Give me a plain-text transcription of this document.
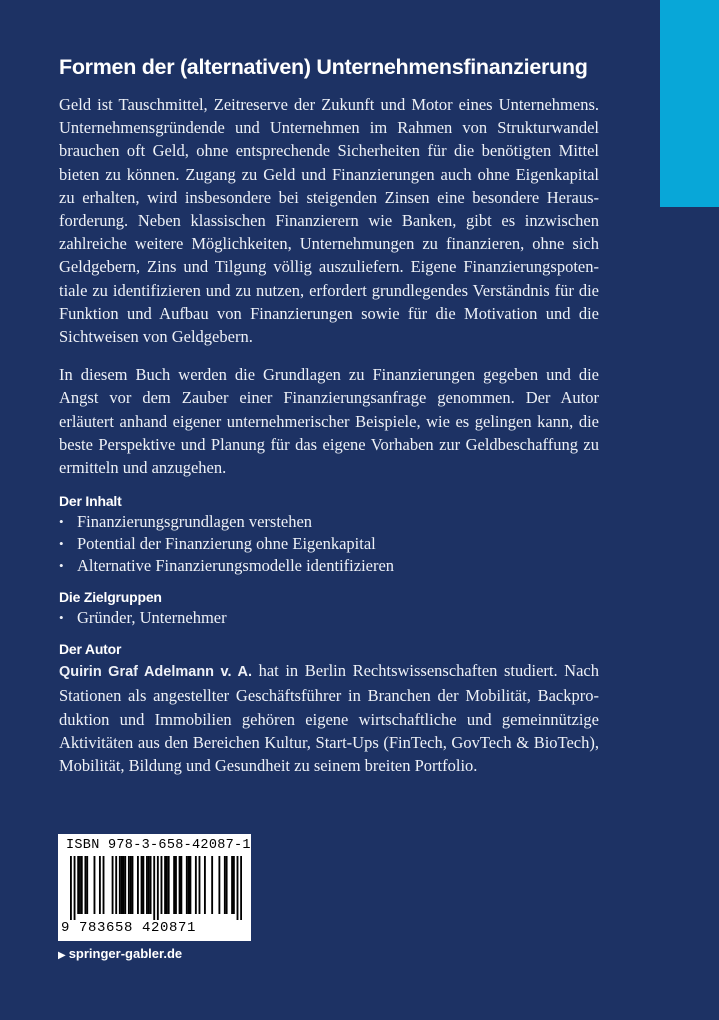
Formen der (alternativen) Unternehmensfinanzierung

Geld ist Tauschmittel, Zeitreserve der Zukunft und Motor eines Unternehmens. Unternehmensgründende und Unternehmen im Rahmen von Strukturwandel brauchen oft Geld, ohne entsprechende Sicherheiten für die benötigten Mittel bieten zu können. Zugang zu Geld und Finanzierungen auch ohne Eigenkapital zu erhalten, wird insbesondere bei steigenden Zinsen eine besondere Herausforderung. Neben klassischen Finanzierern wie Banken, gibt es inzwischen zahlreiche weitere Möglichkeiten, Unternehmungen zu finanzieren, ohne sich Geldgebern, Zins und Tilgung völlig auszuliefern. Eigene Finanzierungspotentiale zu identifizieren und zu nutzen, erfordert grundlegendes Verständnis für die Funktion und Aufbau von Finanzierungen sowie für die Motivation und die Sichtweisen von Geldgebern.

In diesem Buch werden die Grundlagen zu Finanzierungen gegeben und die Angst vor dem Zauber einer Finanzierungsanfrage genommen. Der Autor erläutert anhand eigener unternehmerischer Beispiele, wie es gelingen kann, die beste Perspektive und Planung für das eigene Vorhaben zur Geldbeschaffung zu ermitteln und anzugehen.

Der Inhalt
• Finanzierungsgrundlagen verstehen
• Potential der Finanzierung ohne Eigenkapital
• Alternative Finanzierungsmodelle identifizieren
Die Zielgruppen
• Gründer, Unternehmer
Der Autor

Quirin Graf Adelmann v. A. hat in Berlin Rechtswissenschaften studiert. Nach Stationen als angestellter Geschäftsführer in Branchen der Mobilität, Backproduktion und Immobilien gehören eigene wirtschaftliche und gemeinnützige Aktivitäten aus den Bereichen Kultur, Start-Ups (FinTech, GovTech & BioTech), Mobilität, Bildung und Gesundheit zu seinem breiten Portfolio.

ISBN 978-3-658-42087-1
9 783658 420871
▶ springer-gabler.de
